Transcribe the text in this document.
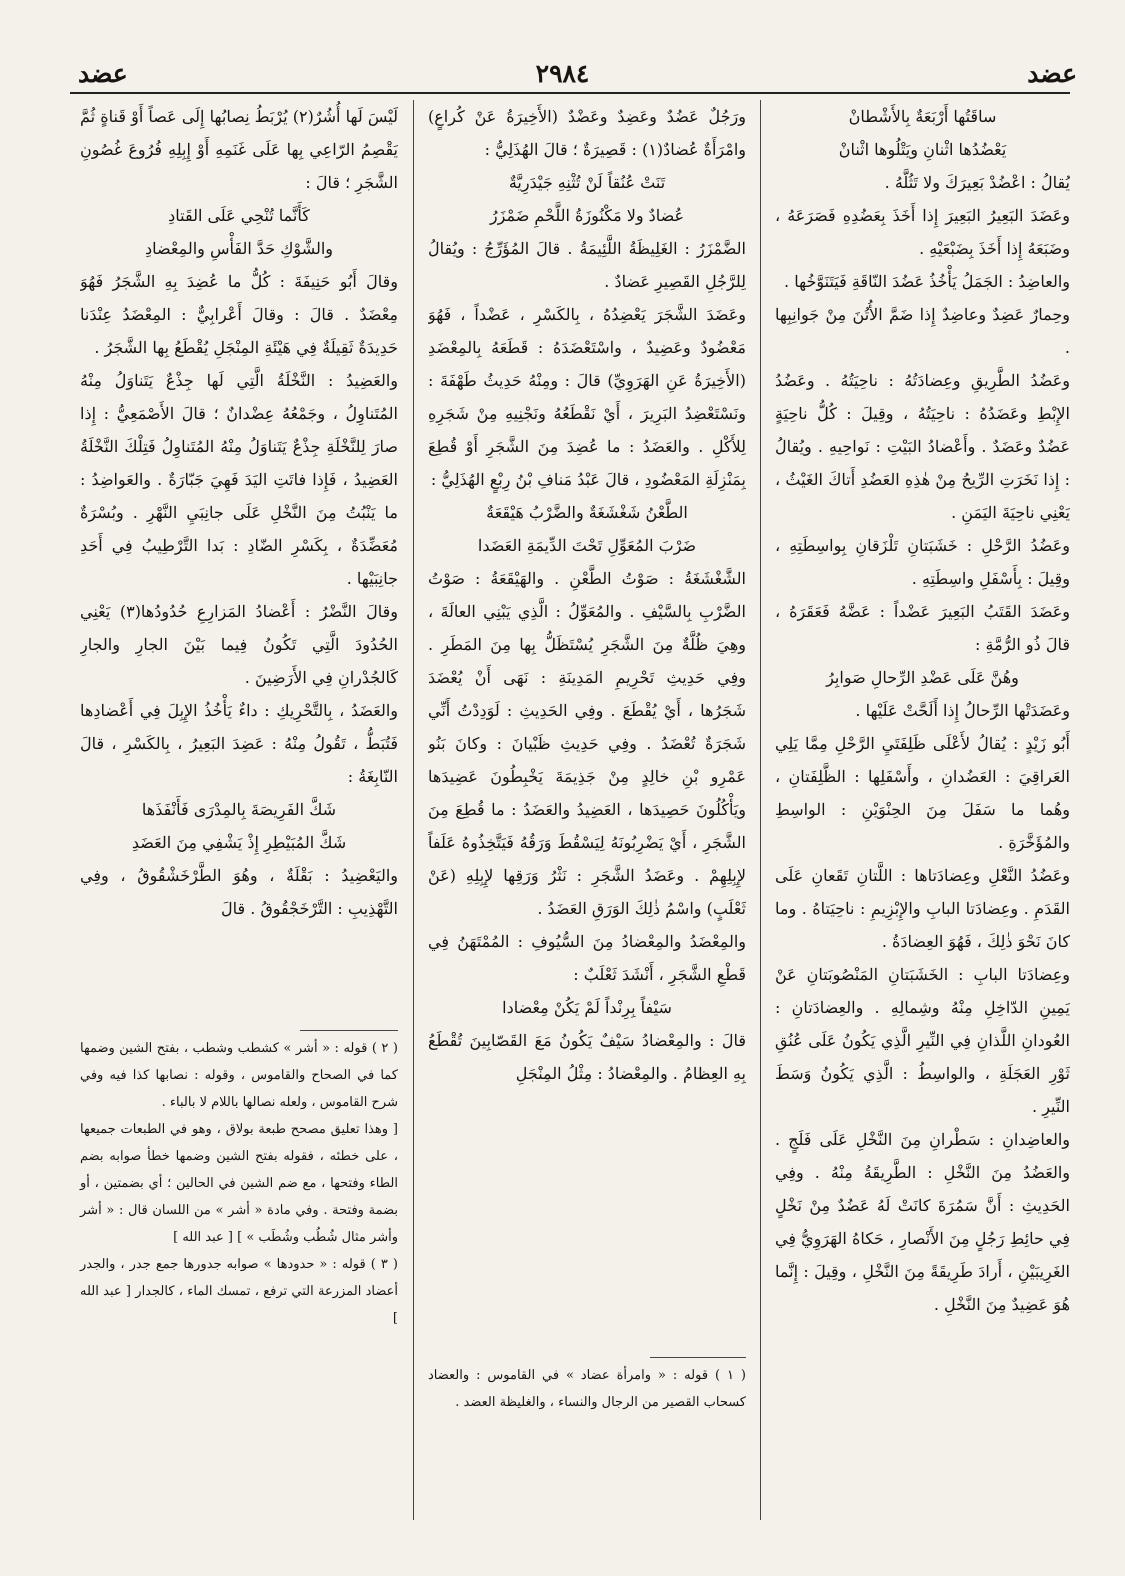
عضد
٢٩٨٤
عضد

ساقَتُها أَرْبَعَةٌ بِالأَشْطانْ

يَعْضُدُها اثْنانِ ويَتْلُوها اثْنانْ

يُقالُ : اعْضُدْ بَعِيرَكَ ولا تَثُلَّهُ .
وعَضَدَ البَعِيرُ البَعِيرَ إِذا أَخَذَ بِعَضُدِهِ فَصَرَعَهُ ، وضَبَعَهُ إِذا أَخَذَ بِضَبْعَيْهِ .
والعاضِدُ : الجَمَلُ يَأْخُذُ عَضُدَ النّاقَةِ فَيَتَنَوَّخُها .
وحِمارٌ عَضِدٌ وعاضِدٌ إِذا ضَمَّ الأُتُنَ مِنْ جَوانِبِها .
وعَضُدُ الطَّرِيقِ وعِضادَتُهُ : ناحِيَتُهُ . وعَضُدُ الإِبْطِ وعَضَدُهُ : ناحِيَتُهُ ، وقِيلَ : كُلُّ ناحِيَةٍ عَضُدٌ وعَضَدٌ . وأَعْضادُ البَيْتِ : نَواحِيهِ . ويُقالُ : إِذا نَخَرَتِ الرِّيحُ مِنْ هٰذِهِ العَضُدِ أَتاكَ الغَيْثُ ، يَعْنِي ناحِيَةَ اليَمَنِ .
وعَضُدُ الرَّحْلِ : خَشَبَتانِ تَلْزَقانِ بِواسِطَتِهِ ، وقِيلَ : بِأَسْفَلِ واسِطَتِهِ .
وعَضَدَ القَتَبُ البَعِيرَ عَضْداً : عَضَّهُ فَعَقَرَهُ ، قالَ ذُو الرُّمَّةِ :

وهُنَّ عَلَى عَضْدِ الرِّحالِ صَوابِرُ

وعَضَدَتْها الرِّحالُ إِذا أَلَحَّتْ عَلَيْها .
أَبُو زَيْدٍ : يُقالُ لأَعْلَى ظَلِفَتَيِ الرَّحْلِ مِمَّا يَلِي العَراقِيَ : العَضُدانِ ، وأَسْفَلِها : الظَّلِفَتانِ ، وهُما ما سَفَلَ مِنَ الحِنْوَيْنِ : الواسِطِ والمُؤَخَّرَةِ .
وعَضُدُ النَّعْلِ وعِضادَتاها : اللَّتانِ تَقَعانِ عَلَى القَدَمِ . وعِضادَتا البابِ والإِبْزِيمِ : ناحِيَتاهُ . وما كانَ نَحْوَ ذٰلِكَ ، فَهُوَ العِضادَةُ .
وعِضادَتا البابِ : الخَشَبَتانِ المَنْصُوبَتانِ عَنْ يَمِينِ الدّاخِلِ مِنْهُ وشِمالِهِ . والعِضادَتانِ : العُودانِ اللَّذانِ فِي النِّيرِ الَّذِي يَكُونُ عَلَى عُنُقِ ثَوْرِ العَجَلَةِ ، والواسِطُ : الَّذِي يَكُونُ وَسَطَ النِّيرِ .
والعاضِدانِ : سَطْرانِ مِنَ النَّخْلِ عَلَى فَلَجٍ . والعَضُدُ مِنَ النَّخْلِ : الطَّرِيقَةُ مِنْهُ . وفِي الحَدِيثِ : أَنَّ سَمُرَةَ كانَتْ لَهُ عَضُدٌ مِنْ نَخْلٍ فِي حائِطِ رَجُلٍ مِنَ الأَنْصارِ ، حَكاهُ الهَرَوِيُّ فِي الغَرِيبَيْنِ ، أَرادَ طَرِيقَةً مِنَ النَّخْلِ ، وقِيلَ : إِنَّما هُوَ عَضِيدٌ مِنَ النَّخْلِ .

ورَجُلٌ عَضُدٌ وعَضِدٌ وعَضْدٌ (الأَخِيرَةُ عَنْ كُراعٍ) وامْرَأَةٌ عُضادٌ(١) : قَصِيرَةٌ ؛ قالَ الهُذَلِيُّ :

تَنَتْ عُنُقاً لَنْ تُثْنِهِ جَيْدَرِيَّةٌ

عُضادٌ ولا مَكْنُوزَةُ اللَّحْمِ ضَمْزَرُ

الضَّمْزَرُ : الغَلِيظَةُ اللَّئِيمَةُ . قالَ المُؤَرِّجُ : ويُقالُ لِلرَّجُلِ القَصِيرِ عَضادٌ .
وعَضَدَ الشَّجَرَ يَعْضِدُهُ ، بِالكَسْرِ ، عَضْداً ، فَهُوَ مَعْضُودٌ وعَضِيدٌ ، واسْتَعْضَدَهُ : قَطَعَهُ بِالمِعْضَدِ (الأَخِيرَةُ عَنِ الهَرَوِيِّ) قالَ : ومِنْهُ حَدِيثُ طَهْفَةَ : ونَسْتَعْضِدُ البَرِيرَ ، أَيْ نَقْطَعُهُ ونَجْنِيهِ مِنْ شَجَرِهِ لِلأَكْلِ . والعَضَدُ : ما عُضِدَ مِنَ الشَّجَرِ أَوْ قُطِعَ بِمَنْزِلَةِ المَعْضُودِ ، قالَ عَبْدُ مَنافِ بْنُ رِبْعٍ الهُذَلِيُّ :

الطَّعْنُ شَغْشَغَةٌ والضَّرْبُ هَيْقَعَةٌ

ضَرْبَ المُعَوِّلِ تَحْتَ الدِّيمَةِ العَضَدا

الشَّغْشَغَةُ : صَوْتُ الطَّعْنِ . والهَيْقَعَةُ : صَوْتُ الضَّرْبِ بِالسَّيْفِ . والمُعَوِّلُ : الَّذِي يَبْنِي العالَةَ ، وهِيَ ظُلَّةٌ مِنَ الشَّجَرِ يُسْتَظَلُّ بِها مِنَ المَطَرِ . وفِي حَدِيثِ تَحْرِيمِ المَدِينَةِ : نَهَى أَنْ يُعْضَدَ شَجَرُها ، أَيْ يُقْطَعَ . وفِي الحَدِيثِ : لَوَدِدْتُ أَنِّي شَجَرَةٌ تُعْضَدُ . وفِي حَدِيثِ ظَبْيانَ : وكانَ بَنُو عَمْرِو بْنِ خالِدٍ مِنْ جَذِيمَةَ يَخْبِطُونَ عَضِيدَها ويَأْكُلُونَ حَصِيدَها ، العَضِيدُ والعَضَدُ : ما قُطِعَ مِنَ الشَّجَرِ ، أَيْ يَضْرِبُونَهُ لِيَسْقُطَ وَرَقُهُ فَيَتَّخِذُوهُ عَلَفاً لإِبِلِهِمْ . وعَضَدُ الشَّجَرِ : نَثْرُ وَرَقِها لإِبِلِهِ (عَنْ ثَعْلَبٍ) واسْمُ ذٰلِكَ الوَرَقِ العَضَدُ .
والمِعْضَدُ والمِعْضادُ مِنَ السُّيُوفِ : المُمْتَهَنُ فِي قَطْعِ الشَّجَرِ ، أَنْشَدَ ثَعْلَبٌ :

سَيْفاً بِرِنْداً لَمْ يَكُنْ مِعْضادا

قالَ : والمِعْضادُ سَيْفٌ يَكُونُ مَعَ القَصّابِينَ تُقْطَعُ بِهِ العِظامُ . والمِعْضادُ : مِثْلُ المِنْجَلِ

لَيْسَ لَها أُشُرٌ(٢) يُرْبَطُ نِصابُها إِلَى عَصاً أَوْ قَناةٍ ثُمَّ يَقْصِمُ الرّاعِي بِها عَلَى غَنَمِهِ أَوْ إِبِلِهِ فُرُوعَ غُصُونِ الشَّجَرِ ؛ قالَ :

كَأَنَّما تُنْحِي عَلَى القَتادِ

والشَّوْكِ حَدَّ الفَأْسِ والمِعْضادِ

وقالَ أَبُو حَنِيفَةَ : كُلُّ ما عُضِدَ بِهِ الشَّجَرُ فَهُوَ مِعْضَدٌ . قالَ : وقالَ أَعْرابِيٌّ : المِعْضَدُ عِنْدَنا حَدِيدَةٌ ثَقِيلَةٌ فِي هَيْئَةِ المِنْجَلِ يُقْطَعُ بِها الشَّجَرُ .
والعَضِيدُ : النَّخْلَةُ الَّتِي لَها جِذْعٌ يَتَناوَلُ مِنْهُ المُتَناوِلُ ، وجَمْعُهُ عِضْدانٌ ؛ قالَ الأَصْمَعِيُّ : إِذا صارَ لِلنَّخْلَةِ جِذْعٌ يَتَناوَلُ مِنْهُ المُتَناوِلُ فَتِلْكَ النَّخْلَةُ العَضِيدُ ، فَإِذا فاتَتِ اليَدَ فَهِيَ جَبّارَةٌ . والعَواضِدُ : ما يَنْبُتُ مِنَ النَّخْلِ عَلَى جانِبَيِ النَّهْرِ . وبُسْرَةٌ مُعَضِّدَةٌ ، بِكَسْرِ الضّادِ : بَدا التَّرْطِيبُ فِي أَحَدِ جانِبَيْها .
وقالَ النَّضْرُ : أَعْضادُ المَزارِعِ حُدُودُها(٣) يَعْنِي الحُدُودَ الَّتِي تَكُونُ فِيما بَيْنَ الجارِ والجارِ كَالجُدْرانِ فِي الأَرَضِينَ .
والعَضَدُ ، بِالتَّحْرِيكِ : داءٌ يَأْخُذُ الإِبِلَ فِي أَعْضادِها فَتُبَطُّ ، تَقُولُ مِنْهُ : عَضِدَ البَعِيرُ ، بِالكَسْرِ ، قالَ النّابِغَةُ :

شَكَّ الفَرِيصَةَ بِالمِدْرَى فَأَنْفَذَها

شَكَّ المُبَيْطِرِ إِذْ يَشْفِي مِنَ العَضَدِ

واليَعْضِيدُ : بَقْلَةٌ ، وهُوَ الطَّرْخَشْقُوقُ ، وفِي التَّهْذِيبِ : التَّرْخَجْقُوقُ . قالَ

( ٢ ) قوله : « أشر » كشطب وشطب ، بفتح الشين وضمها كما في الصحاح والقاموس ، وقوله : نصابها كذا فيه وفي شرح القاموس ، ولعله نصالها باللام لا بالباء .
[ وهذا تعليق مصحح طبعة بولاق ، وهو في الطبعات جميعها ، على خطئه ، فقوله بفتح الشين وضمها خطأ صوابه بضم الطاء وفتحها ، مع ضم الشين في الحالين ؛ أي بضمتين ، أو بضمة وفتحة . وفي مادة « أشر » من اللسان قال : « أشر وأشر مثال شُطُب وشُطَب » ] [ عبد الله ]
( ٣ ) قوله : « حدودها » صوابه جدورها جمع جدر ، والجدر أعضاد المزرعة التي ترفع ، تمسك الماء ، كالجدار [ عبد الله ]
( ١ ) قوله : « وامرأة عضاد » في القاموس : والعضاد كسحاب القصير من الرجال والنساء ، والغليظة العضد .
